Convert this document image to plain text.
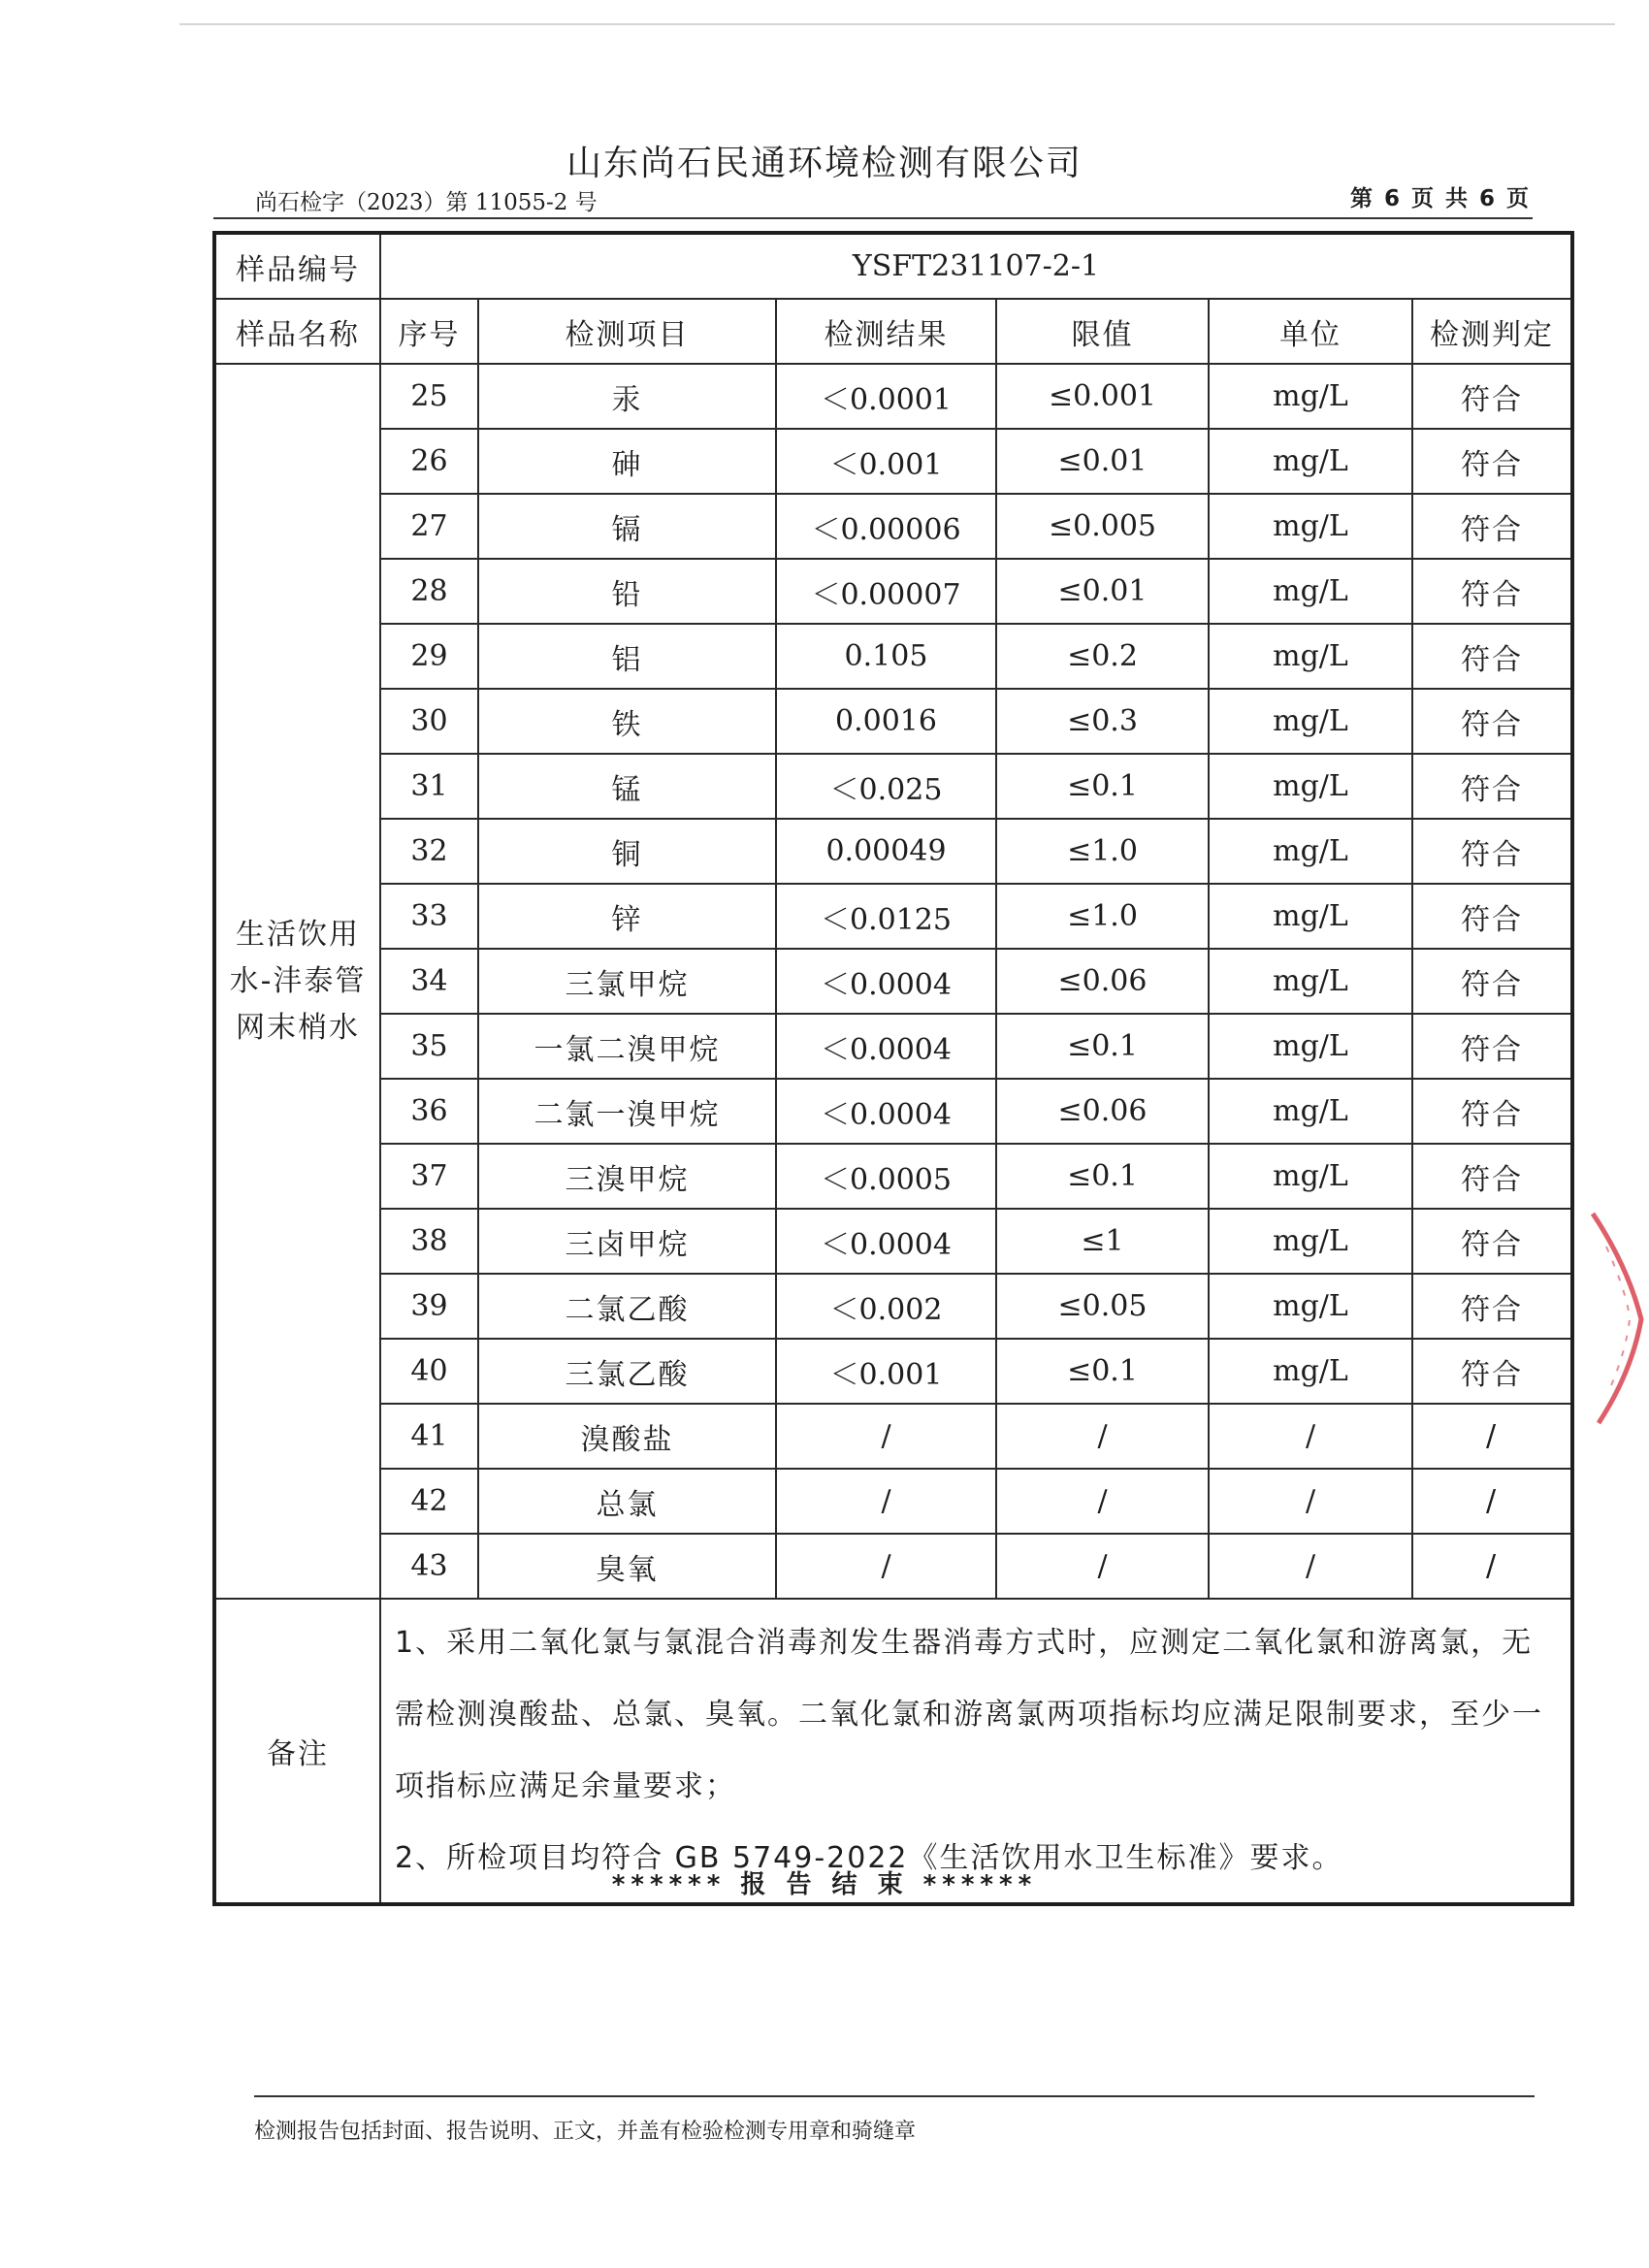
山东尚石民通环境检测有限公司
尚石检字（2023）第 11055-2 号	第 6 页 共 6 页
样品编号	YSFT231107-2-1					
样品名称	序号	检测项目	检测结果	限值	单位	检测判定
生活饮用水-沣泰管网末梢水	25	汞	＜0.0001	≤0.001	mg/L	符合
	26	砷	＜0.001	≤0.01	mg/L	符合
	27	镉	＜0.00006	≤0.005	mg/L	符合
	28	铅	＜0.00007	≤0.01	mg/L	符合
	29	铝	0.105	≤0.2	mg/L	符合
	30	铁	0.0016	≤0.3	mg/L	符合
	31	锰	＜0.025	≤0.1	mg/L	符合
	32	铜	0.00049	≤1.0	mg/L	符合
	33	锌	＜0.0125	≤1.0	mg/L	符合
	34	三氯甲烷	＜0.0004	≤0.06	mg/L	符合
	35	一氯二溴甲烷	＜0.0004	≤0.1	mg/L	符合
	36	二氯一溴甲烷	＜0.0004	≤0.06	mg/L	符合
	37	三溴甲烷	＜0.0005	≤0.1	mg/L	符合
	38	三卤甲烷	＜0.0004	≤1	mg/L	符合
	39	二氯乙酸	＜0.002	≤0.05	mg/L	符合
	40	三氯乙酸	＜0.001	≤0.1	mg/L	符合
	41	溴酸盐	/	/	/	/
	42	总氯	/	/	/	/
	43	臭氧	/	/	/	/
备注	1、采用二氧化氯与氯混合消毒剂发生器消毒方式时，应测定二氧化氯和游离氯，无需检测溴酸盐、总氯、臭氧。二氧化氯和游离氯两项指标均应满足限制要求，至少一项指标应满足余量要求；
2、所检项目均符合 GB 5749-2022《生活饮用水卫生标准》要求。					
****** 报 告 结 束 ******
检测报告包括封面、报告说明、正文，并盖有检验检测专用章和骑缝章
